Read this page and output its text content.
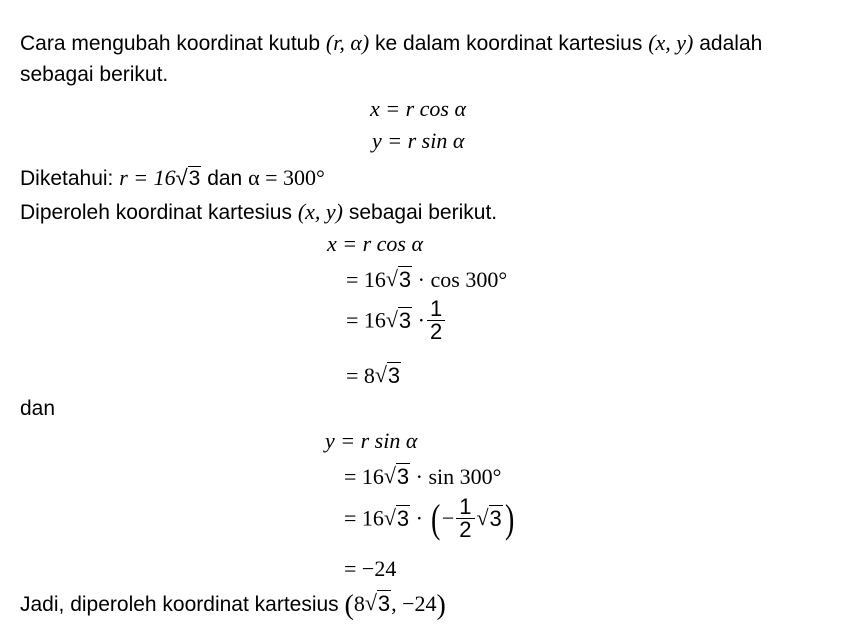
Cara mengubah koordinat kutub (r, α) ke dalam koordinat kartesius (x, y) adalah
sebagai berikut.
x = r cos α
y = r sin α
Diketahui: r = 16 √ 3 dan α = 300°
Diperoleh koordinat kartesius (x, y) sebagai berikut.
x = r cos α
= 16 √ 3 · cos 300°
= 16 √ $3 \cdot \frac{1}{2}$
= 8 √ 3
dan
y = r sin α
= 16 √ 3 · sin 300°
= 16 √ 3 · (− $\frac{1}{2}$ √ 3)
= −24
Jadi, diperoleh koordinat kartesius (8 √ 3, −24)
